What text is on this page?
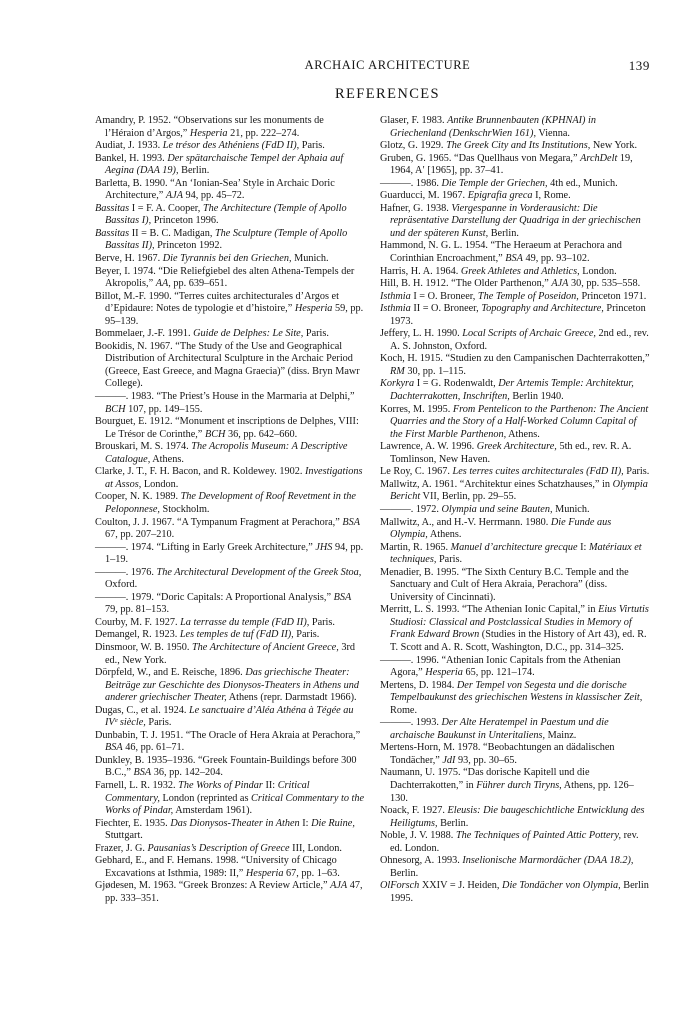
ARCHAIC ARCHITECTURE	139
REFERENCES

Amandry, P. 1952. “Observations sur les monuments de l’Héraion d’Argos,” Hesperia 21, pp. 222–274.

Audiat, J. 1933. Le trésor des Athéniens (FdD II), Paris.

Bankel, H. 1993. Der spätarchaische Tempel der Aphaia auf Aegina (DAA 19), Berlin.

Barletta, B. 1990. “An ‘Ionian-Sea’ Style in Archaic Doric Architecture,” AJA 94, pp. 45–72.

Bassitas I = F. A. Cooper, The Architecture (Temple of Apollo Bassitas I), Princeton 1996.

Bassitas II = B. C. Madigan, The Sculpture (Temple of Apollo Bassitas II), Princeton 1992.

Berve, H. 1967. Die Tyrannis bei den Griechen, Munich.

Beyer, I. 1974. “Die Reliefgiebel des alten Athena-Tempels der Akropolis,” AA, pp. 639–651.

Billot, M.-F. 1990. “Terres cuites architecturales d’Argos et d’Epidaure: Notes de typologie et d’histoire,” Hesperia 59, pp. 95–139.

Bommelaer, J.-F. 1991. Guide de Delphes: Le Site, Paris.

Bookidis, N. 1967. “The Study of the Use and Geographical Distribution of Architectural Sculpture in the Archaic Period (Greece, East Greece, and Magna Graecia)” (diss. Bryn Mawr College).

———. 1983. “The Priest’s House in the Marmaria at Delphi,” BCH 107, pp. 149–155.

Bourguet, E. 1912. “Monument et inscriptions de Delphes, VIII: Le Trésor de Corinthe,” BCH 36, pp. 642–660.

Brouskari, M. S. 1974. The Acropolis Museum: A Descriptive Catalogue, Athens.

Clarke, J. T., F. H. Bacon, and R. Koldewey. 1902. Investigations at Assos, London.

Cooper, N. K. 1989. The Development of Roof Revetment in the Peloponnese, Stockholm.

Coulton, J. J. 1967. “A Tympanum Fragment at Perachora,” BSA 67, pp. 207–210.

———. 1974. “Lifting in Early Greek Architecture,” JHS 94, pp. 1–19.

———. 1976. The Architectural Development of the Greek Stoa, Oxford.

———. 1979. “Doric Capitals: A Proportional Analysis,” BSA 79, pp. 81–153.

Courby, M. F. 1927. La terrasse du temple (FdD II), Paris.

Demangel, R. 1923. Les temples de tuf (FdD II), Paris.

Dinsmoor, W. B. 1950. The Architecture of Ancient Greece, 3rd ed., New York.

Dörpfeld, W., and E. Reische, 1896. Das griechische Theater: Beiträge zur Geschichte des Dionysos-Theaters in Athens und anderer griechischer Theater, Athens (repr. Darmstadt 1966).

Dugas, C., et al. 1924. Le sanctuaire d’Aléa Athéna à Tégée au IVᵉ siècle, Paris.

Dunbabin, T. J. 1951. “The Oracle of Hera Akraia at Perachora,” BSA 46, pp. 61–71.

Dunkley, B. 1935–1936. “Greek Fountain-Buildings before 300 B.C.,” BSA 36, pp. 142–204.

Farnell, L. R. 1932. The Works of Pindar II: Critical Commentary, London (reprinted as Critical Commentary to the Works of Pindar, Amsterdam 1961).

Fiechter, E. 1935. Das Dionysos-Theater in Athen I: Die Ruine, Stuttgart.

Frazer, J. G. Pausanias’s Description of Greece III, London.

Gebhard, E., and F. Hemans. 1998. “University of Chicago Excavations at Isthmia, 1989: II,” Hesperia 67, pp. 1–63.

Gjødesen, M. 1963. “Greek Bronzes: A Review Article,” AJA 47, pp. 333–351.

Glaser, F. 1983. Antike Brunnenbauten (KPHNAI) in Griechenland (DenkschrWien 161), Vienna.

Glotz, G. 1929. The Greek City and Its Institutions, New York.

Gruben, G. 1965. “Das Quellhaus von Megara,” ArchDelt 19, 1964, A′ [1965], pp. 37–41.

———. 1986. Die Temple der Griechen, 4th ed., Munich.

Guarducci, M. 1967. Epigrafia greca I, Rome.

Hafner, G. 1938. Viergespanne in Vorderausicht: Die repräsentative Darstellung der Quadriga in der griechischen und der späteren Kunst, Berlin.

Hammond, N. G. L. 1954. “The Heraeum at Perachora and Corinthian Encroachment,” BSA 49, pp. 93–102.

Harris, H. A. 1964. Greek Athletes and Athletics, London.

Hill, B. H. 1912. “The Older Parthenon,” AJA 30, pp. 535–558.

Isthmia I = O. Broneer, The Temple of Poseidon, Princeton 1971.

Isthmia II = O. Broneer, Topography and Architecture, Princeton 1973.

Jeffery, L. H. 1990. Local Scripts of Archaic Greece, 2nd ed., rev. A. S. Johnston, Oxford.

Koch, H. 1915. “Studien zu den Campanischen Dachterrakotten,” RM 30, pp. 1–115.

Korkyra I = G. Rodenwaldt, Der Artemis Temple: Architektur, Dachterrakotten, Inschriften, Berlin 1940.

Korres, M. 1995. From Pentelicon to the Parthenon: The Ancient Quarries and the Story of a Half-Worked Column Capital of the First Marble Parthenon, Athens.

Lawrence, A. W. 1996. Greek Architecture, 5th ed., rev. R. A. Tomlinson, New Haven.

Le Roy, C. 1967. Les terres cuites architecturales (FdD II), Paris.

Mallwitz, A. 1961. “Architektur eines Schatzhauses,” in Olympia Bericht VII, Berlin, pp. 29–55.

———. 1972. Olympia und seine Bauten, Munich.

Mallwitz, A., and H.-V. Herrmann. 1980. Die Funde aus Olympia, Athens.

Martin, R. 1965. Manuel d’architecture grecque I: Matériaux et techniques, Paris.

Menadier, B. 1995. “The Sixth Century B.C. Temple and the Sanctuary and Cult of Hera Akraia, Perachora” (diss. University of Cincinnati).

Merritt, L. S. 1993. “The Athenian Ionic Capital,” in Eius Virtutis Studiosi: Classical and Postclassical Studies in Memory of Frank Edward Brown (Studies in the History of Art 43), ed. R. T. Scott and A. R. Scott, Washington, D.C., pp. 314–325.

———. 1996. “Athenian Ionic Capitals from the Athenian Agora,” Hesperia 65, pp. 121–174.

Mertens, D. 1984. Der Tempel von Segesta und die dorische Tempelbaukunst des griechischen Westens in klassischer Zeit, Rome.

———. 1993. Der Alte Heratempel in Paestum und die archaische Baukunst in Unteritaliens, Mainz.

Mertens-Horn, M. 1978. “Beobachtungen an dädalischen Tondächer,” JdI 93, pp. 30–65.

Naumann, U. 1975. “Das dorische Kapitell und die Dachterrakotten,” in Führer durch Tiryns, Athens, pp. 126–130.

Noack, F. 1927. Eleusis: Die baugeschichtliche Entwicklung des Heiligtums, Berlin.

Noble, J. V. 1988. The Techniques of Painted Attic Pottery, rev. ed. London.

Ohnesorg, A. 1993. Inselionische Marmordächer (DAA 18.2), Berlin.

OlForsch XXIV = J. Heiden, Die Tondächer von Olympia, Berlin 1995.
